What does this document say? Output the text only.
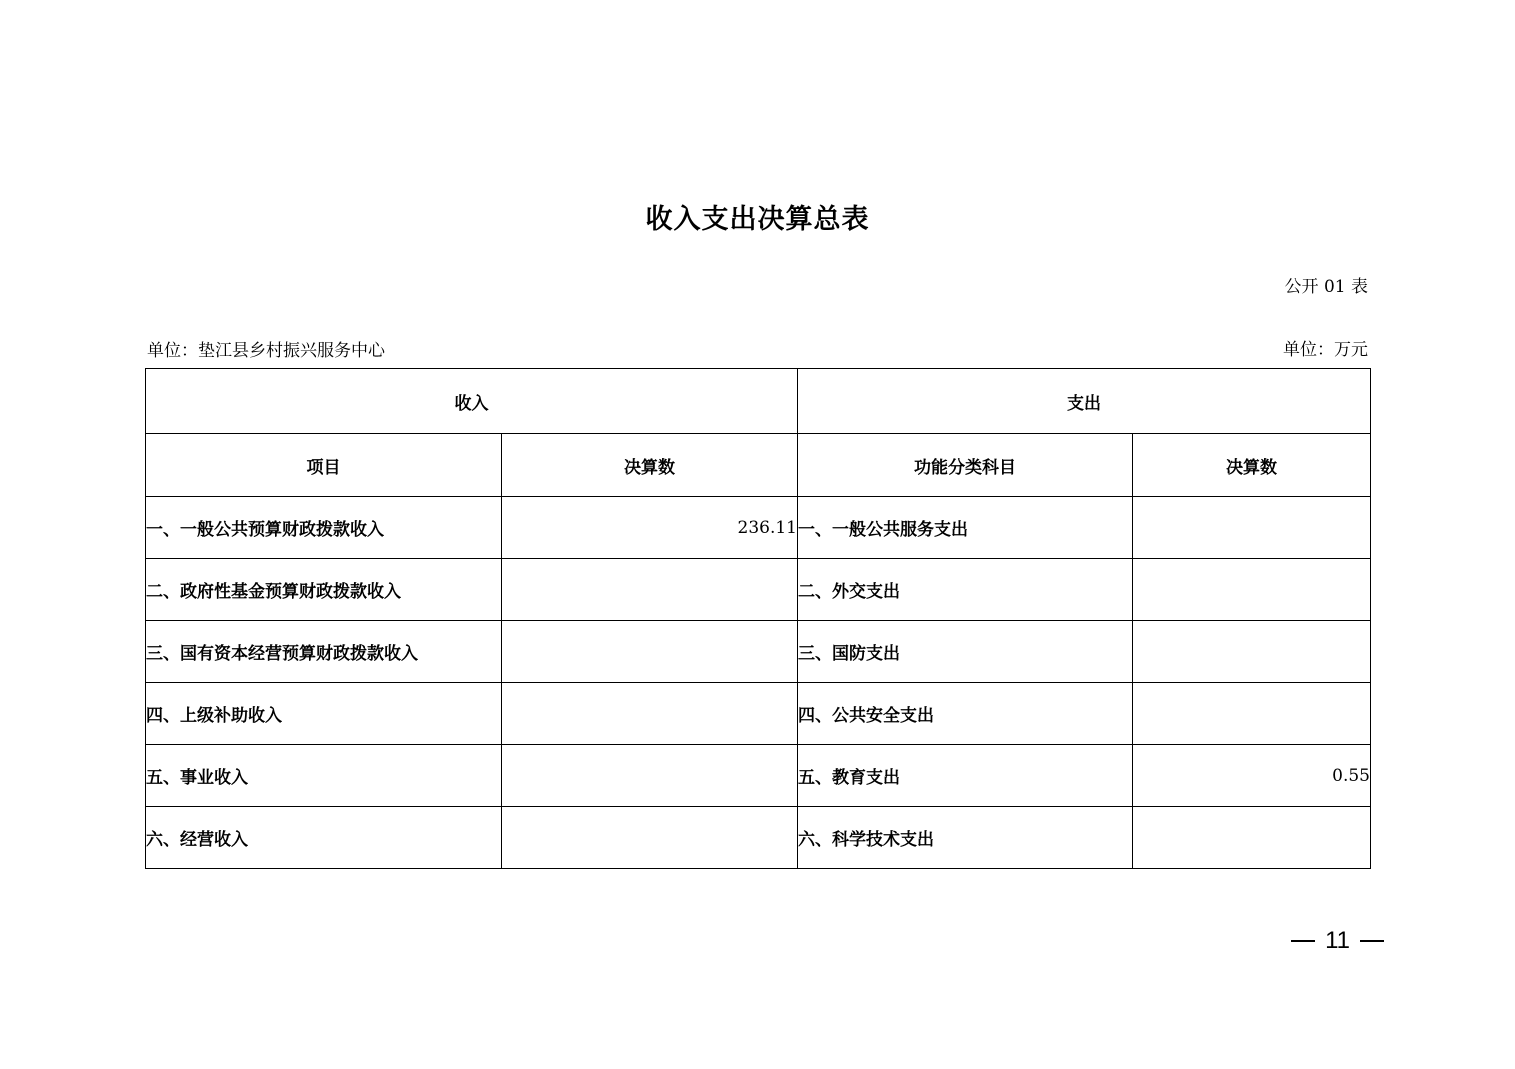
收入支出决算总表
公开 01 表
单位：垫江县乡村振兴服务中心	单位：万元
收入		支出	
项目	决算数	功能分类科目	决算数
一、一般公共预算财政拨款收入	236.11	一、一般公共服务支出	
二、政府性基金预算财政拨款收入		二、外交支出	
三、国有资本经营预算财政拨款收入		三、国防支出	
四、上级补助收入		四、公共安全支出	
五、事业收入		五、教育支出	0.55
六、经营收入		六、科学技术支出	
11
